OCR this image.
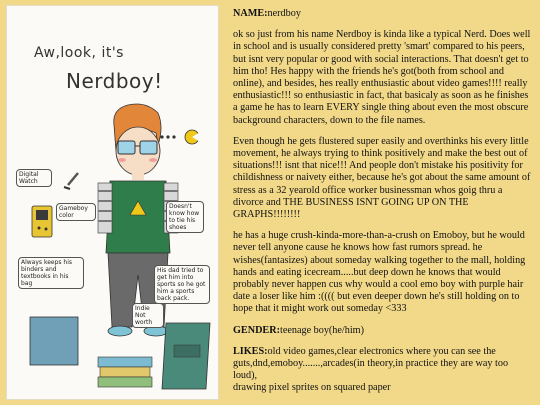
Aw,look, it's
Nerdboy!
Digital Watch
Gameboy color
Doesn't know how to tie his shoes
Always keeps his binders and textbooks in his bag
His dad tried to get him into sports so he got him a sports back pack.
Indie Not worth

NAME:nerdboy

ok so just from his name Nerdboy is kinda like a typical Nerd. Does well in school and is usually considered pretty 'smart' compared to his peers, but isnt very popular or good with social interactions. That doesn't get to him tho! Hes happy with the friends he's got(both from school and online), and besides, hes really enthusiastic about video games!!!! really enthusiastic!!! so enthusiastic in fact, that basicaly as soon as he finishes a game he has to learn EVERY single thing about even the most obscure background characters, down to the file names.

Even though he gets flustered super easily and overthinks his every little movement, he always trying to think positively and make the best out of situations!!! isnt that nice!!! And people don't mistake his positivity for childishness or naivety either, because he's got about the same amount of stress as a 32 yearold office worker businessman whos goig thru a divorce and THE BUSINESS ISNT GOING UP ON THE GRAPHS!!!!!!!!

he has a huge crush-kinda-more-than-a-crush on Emoboy, but he would never tell anyone cause he knows how fast rumors spread. he wishes(fantasizes) about someday walking together to the mall, holding hands and eating icecream.....but deep down he knows that would probably never happen cus why would a cool emo boy with purple hair date a loser like him :(((( but even deeper down he's still holding on to hope that it might work out someday <333

GENDER:teenage boy(he/him)

LIKES:old video games,clear electronics where you can see the guts,dnd,emoboy.......,arcades(in theory,in practice they are way too loud),
drawing pixel sprites on squared paper
